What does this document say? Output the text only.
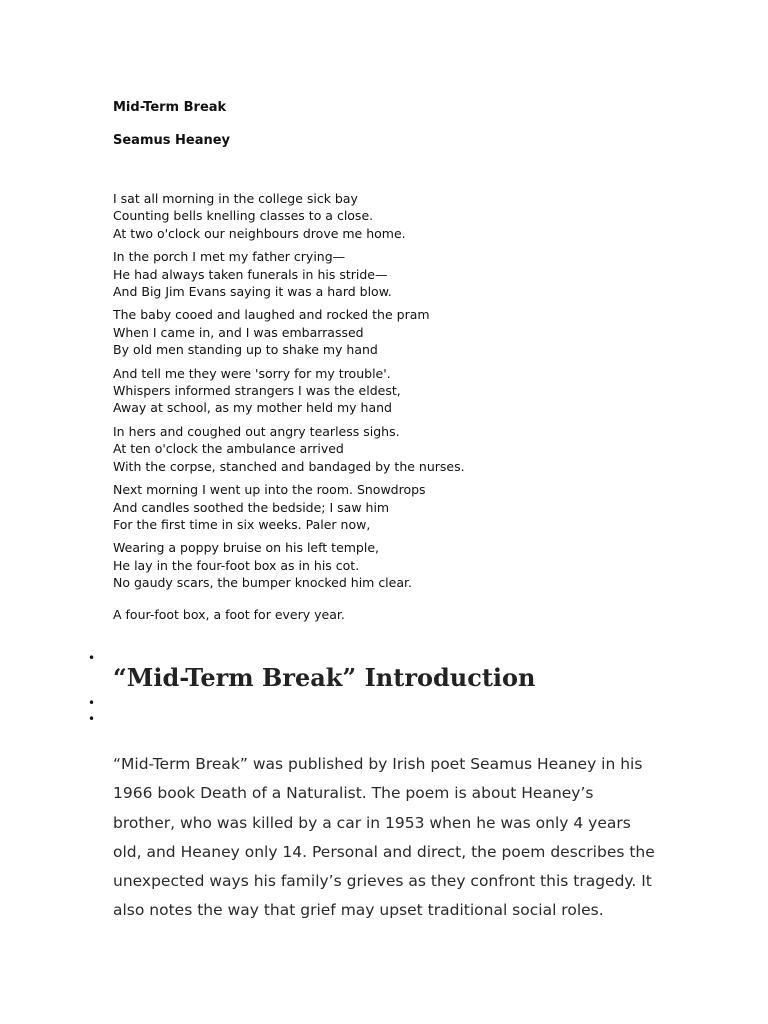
Mid-Term Break

Seamus Heaney

I sat all morning in the college sick bay
Counting bells knelling classes to a close.
At two o'clock our neighbours drove me home.
In the porch I met my father crying—
He had always taken funerals in his stride—
And Big Jim Evans saying it was a hard blow.
The baby cooed and laughed and rocked the pram
When I came in, and I was embarrassed
By old men standing up to shake my hand
And tell me they were 'sorry for my trouble'.
Whispers informed strangers I was the eldest,
Away at school, as my mother held my hand
In hers and coughed out angry tearless sighs.
At ten o'clock the ambulance arrived
With the corpse, stanched and bandaged by the nurses.
Next morning I went up into the room. Snowdrops
And candles soothed the bedside; I saw him
For the first time in six weeks. Paler now,
Wearing a poppy bruise on his left temple,
He lay in the four-foot box as in his cot.
No gaudy scars, the bumper knocked him clear.
A four-foot box, a foot for every year.
•
•
•
“Mid-Term Break” Introduction

“Mid-Term Break” was published by Irish poet Seamus Heaney in his 1966 book Death of a Naturalist. The poem is about Heaney’s brother, who was killed by a car in 1953 when he was only 4 years old, and Heaney only 14. Personal and direct, the poem describes the unexpected ways his family’s grieves as they confront this tragedy. It also notes the way that grief may upset traditional social roles.
